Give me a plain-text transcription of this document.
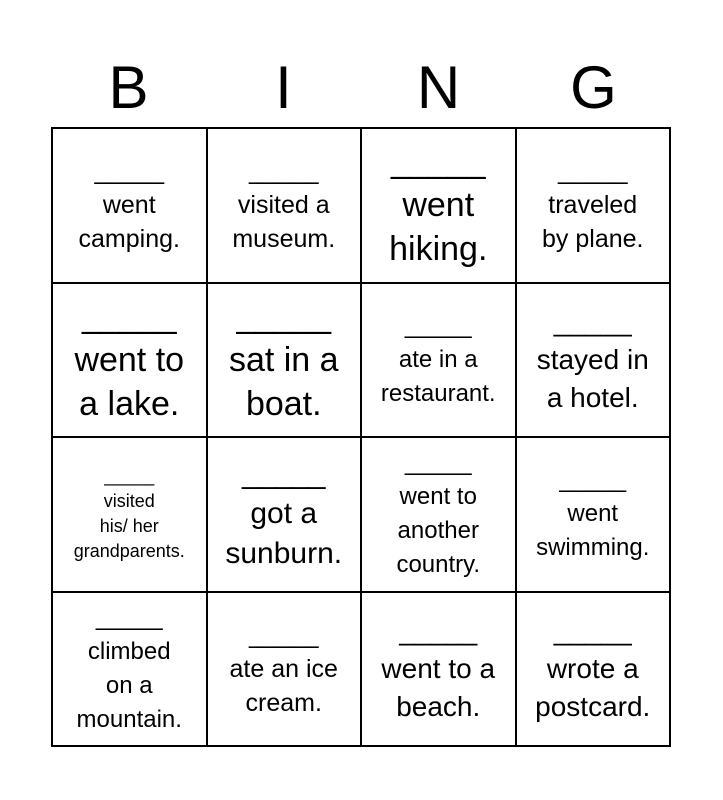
B	I	N	G
_____
went
camping.
_____
visited a
museum.
_____
went
hiking.
_____
traveled
by plane.
_____
went to
a lake.
_____
sat in a
boat.
_____
ate in a
restaurant.
_____
stayed in
a hotel.
_____
visited
his/ her
grandparents.
_____
got a
sunburn.
_____
went to
another
country.
_____
went
swimming.
_____
climbed
on a
mountain.
_____
ate an ice
cream.
_____
went to a
beach.
_____
wrote a
postcard.
